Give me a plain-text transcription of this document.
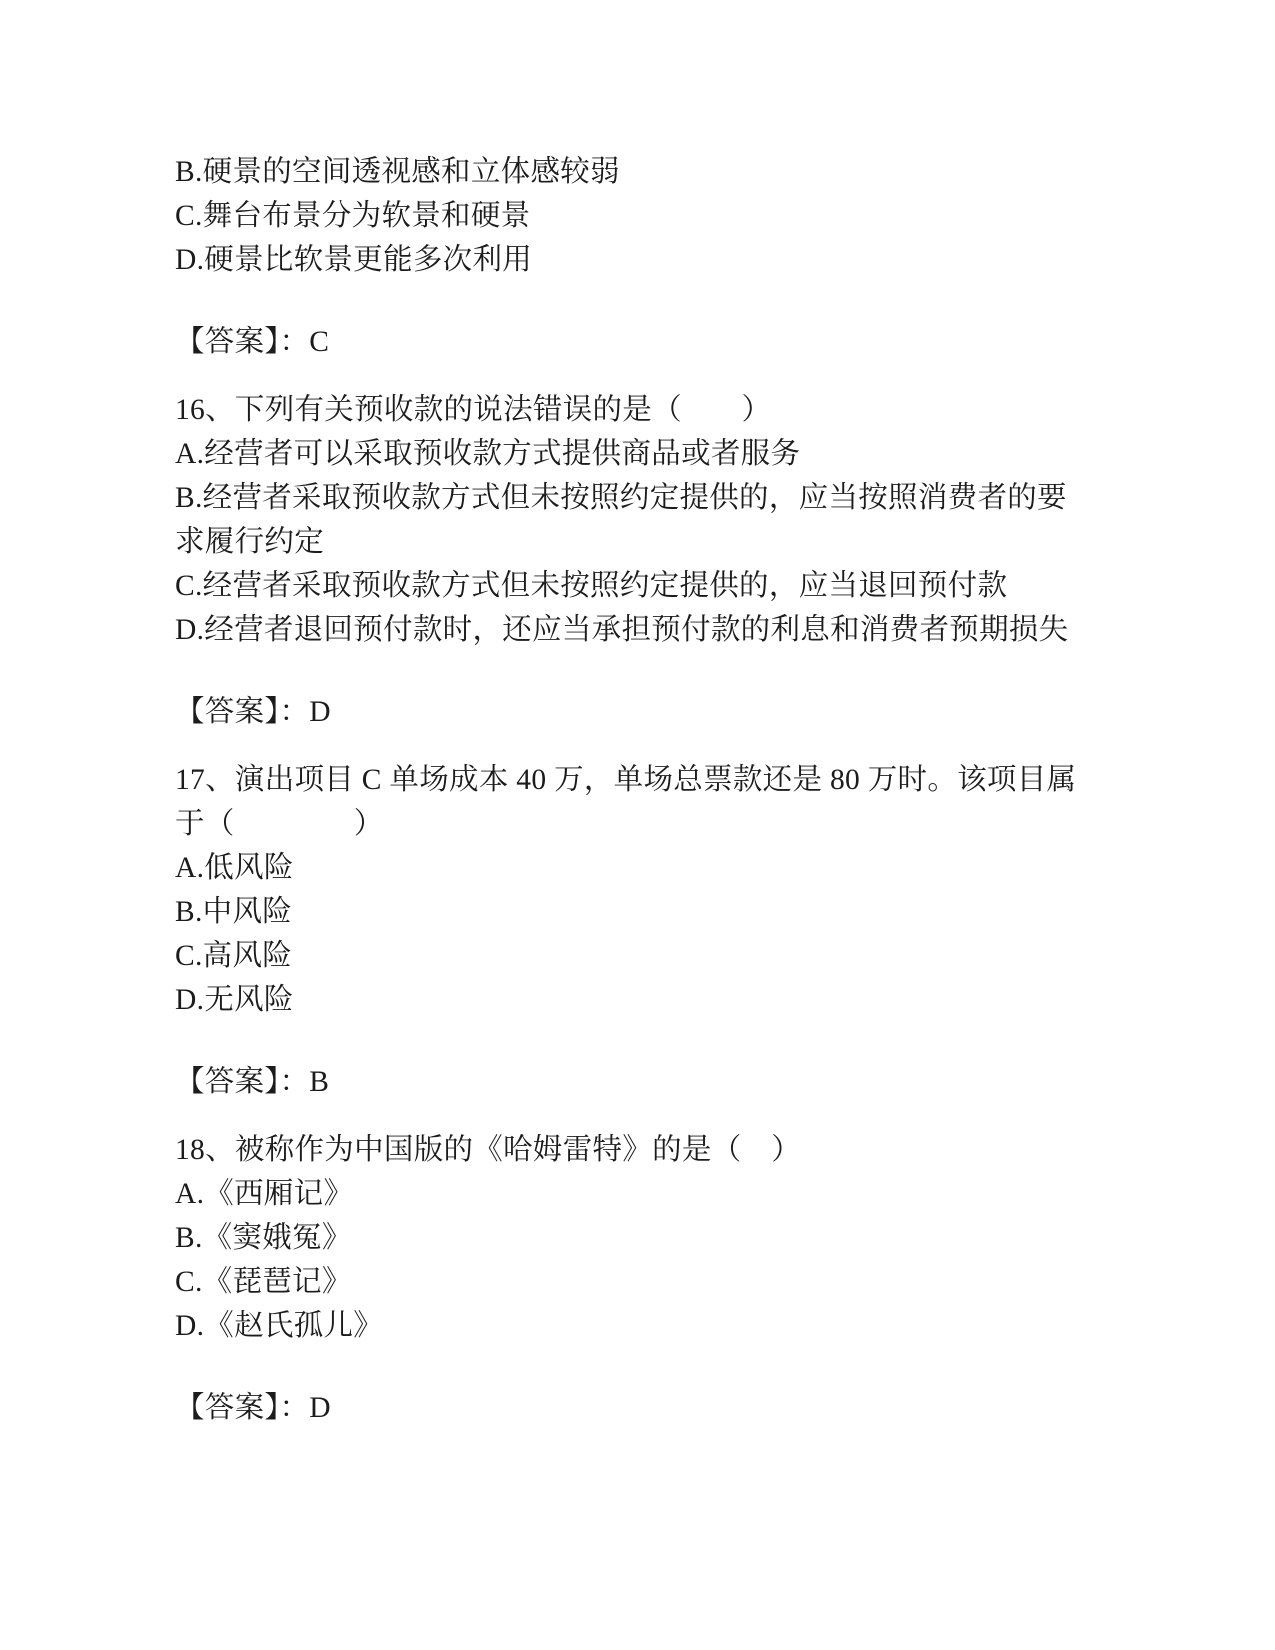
B.硬景的空间透视感和立体感较弱
C.舞台布景分为软景和硬景
D.硬景比软景更能多次利用
【答案】：C
16、下列有关预收款的说法错误的是（　　）
A.经营者可以采取预收款方式提供商品或者服务
B.经营者采取预收款方式但未按照约定提供的，应当按照消费者的要
求履行约定
C.经营者采取预收款方式但未按照约定提供的，应当退回预付款
D.经营者退回预付款时，还应当承担预付款的利息和消费者预期损失
【答案】：D
17、演出项目 C 单场成本 40 万，单场总票款还是 80 万时。该项目属
于（　　　　）
A.低风险
B.中风险
C.高风险
D.无风险
【答案】：B
18、被称作为中国版的《哈姆雷特》的是（　）
A.《西厢记》
B.《窦娥冤》
C.《琵琶记》
D.《赵氏孤儿》
【答案】：D
